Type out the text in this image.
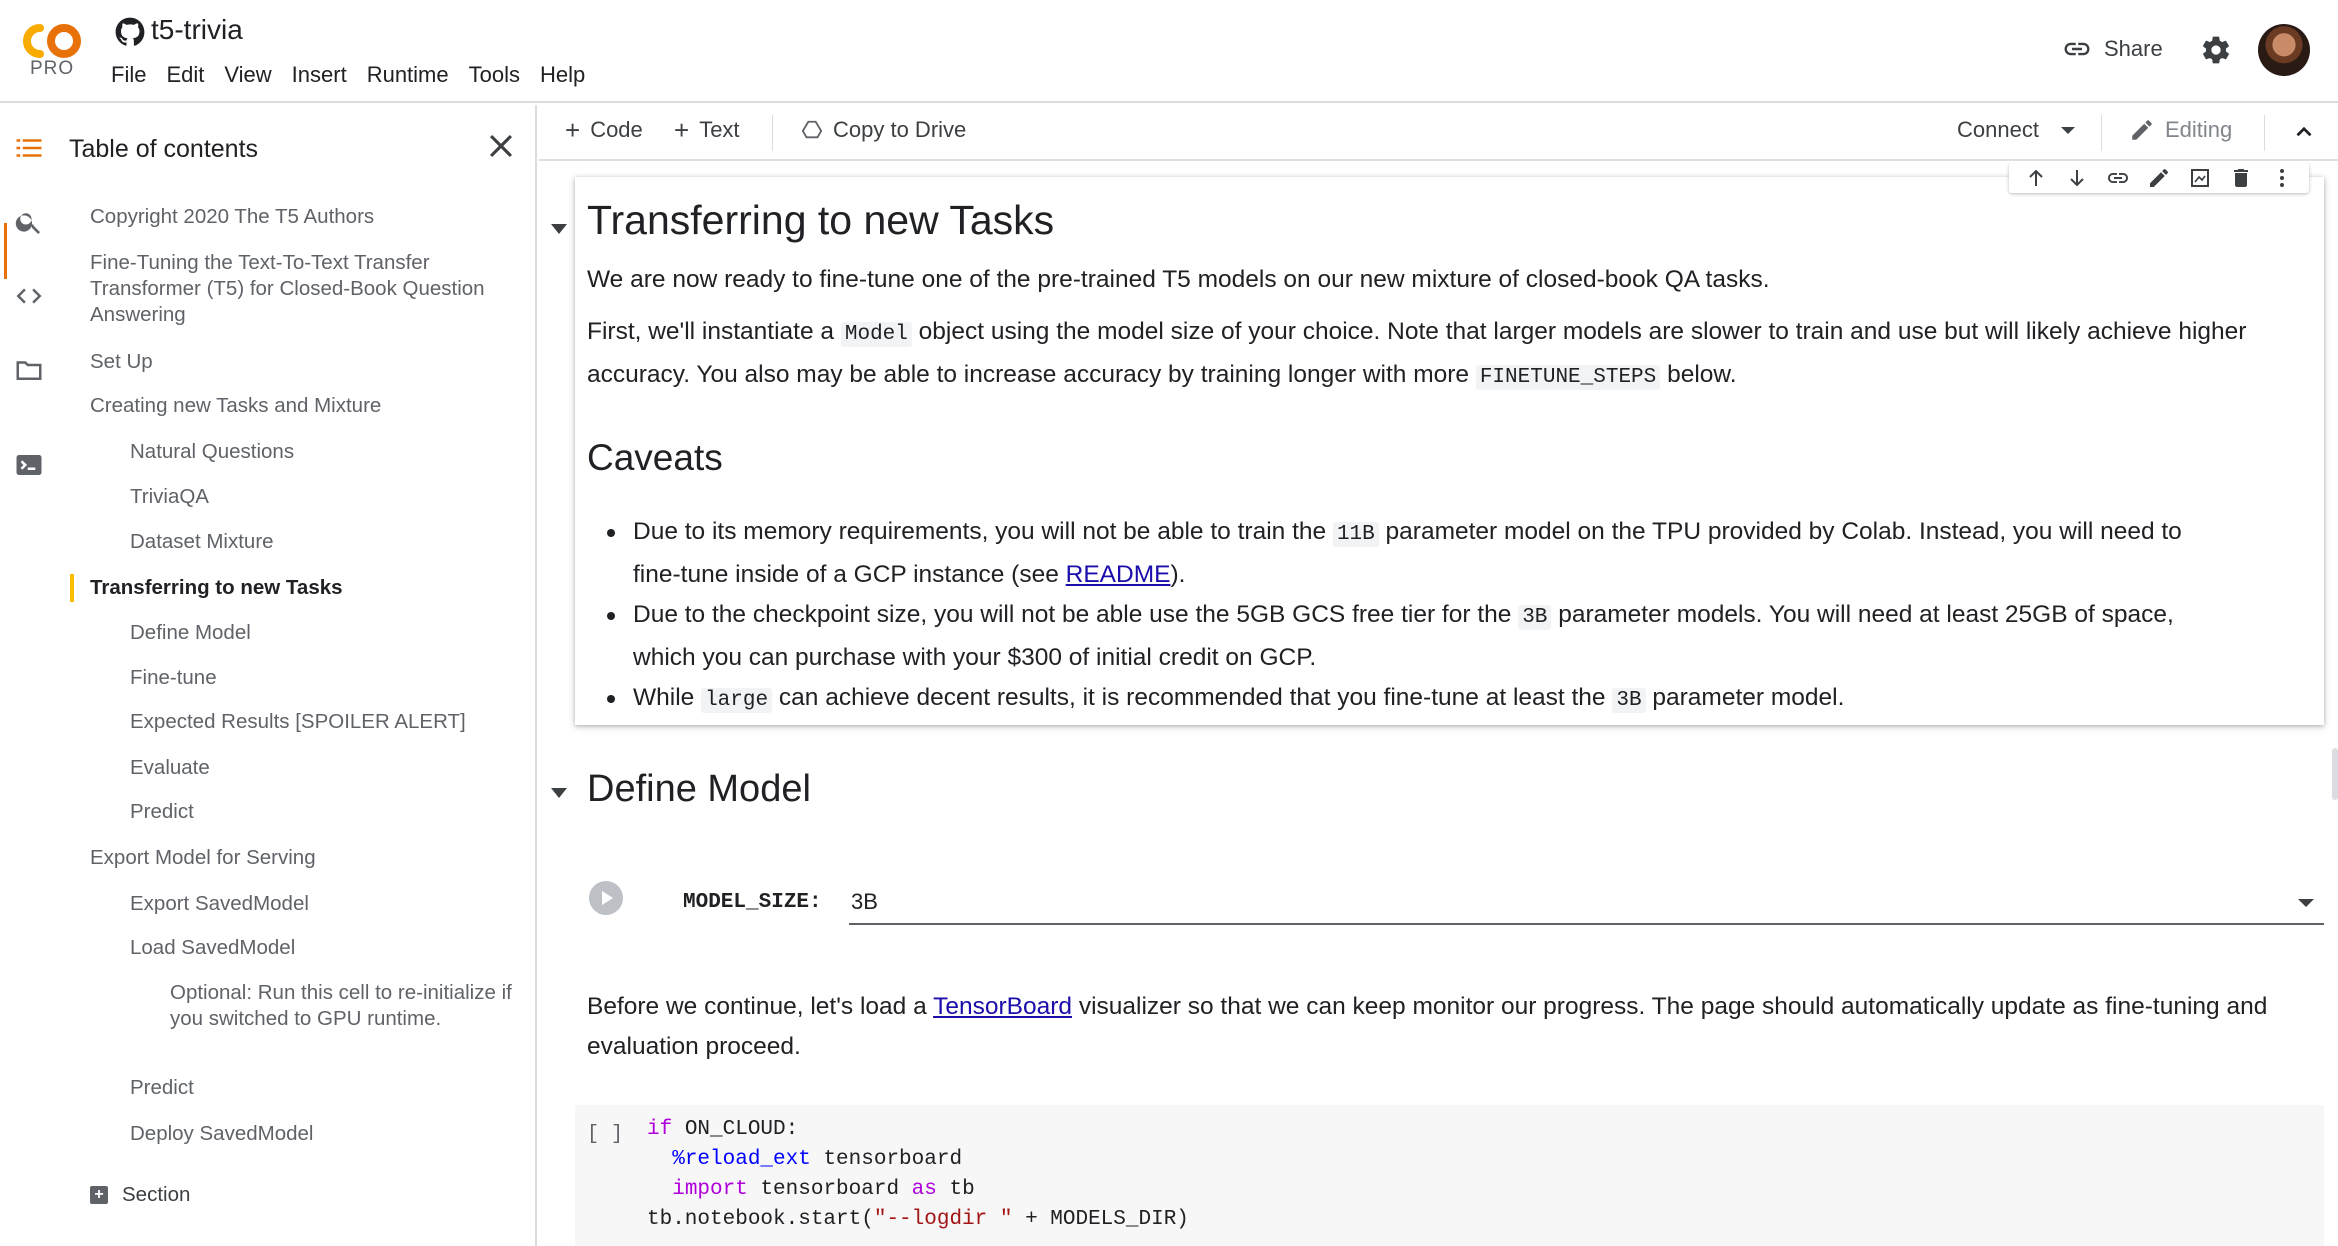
PRO
t5-trivia
File Edit View Insert Runtime Tools Help
Share
Table of contents
Copyright 2020 The T5 Authors
Fine-Tuning the Text-To-Text Transfer Transformer (T5) for Closed-Book Question Answering
Set Up
Creating new Tasks and Mixture
Natural Questions
TriviaQA
Dataset Mixture
Transferring to new Tasks
Define Model
Fine-tune
Expected Results [SPOILER ALERT]
Evaluate
Predict
Export Model for Serving
Export SavedModel
Load SavedModel
Optional: Run this cell to re-initialize if you switched to GPU runtime.
Predict
Deploy SavedModel
+ Section
+ Code + Text	Copy to Drive	Connect	Editing
Transferring to new Tasks
We are now ready to fine-tune one of the pre-trained T5 models on our new mixture of closed-book QA tasks.
First, we'll instantiate a Model object using the model size of your choice. Note that larger models are slower to train and use but will likely achieve higher accuracy. You also may be able to increase accuracy by training longer with more FINETUNE_STEPS below.
Caveats
Due to its memory requirements, you will not be able to train the 11B parameter model on the TPU provided by Colab. Instead, you will need to fine-tune inside of a GCP instance (see README).
Due to the checkpoint size, you will not be able use the 5GB GCS free tier for the 3B parameter models. You will need at least 25GB of space, which you can purchase with your $300 of initial credit on GCP.
While large can achieve decent results, it is recommended that you fine-tune at least the 3B parameter model.
Define Model
MODEL_SIZE: 3B
Before we continue, let's load a TensorBoard visualizer so that we can keep monitor our progress. The page should automatically update as fine-tuning and evaluation proceed.
[ ] if ON_CLOUD:
%reload_ext tensorboard
import tensorboard as tb
tb.notebook.start("--logdir " + MODELS_DIR)
